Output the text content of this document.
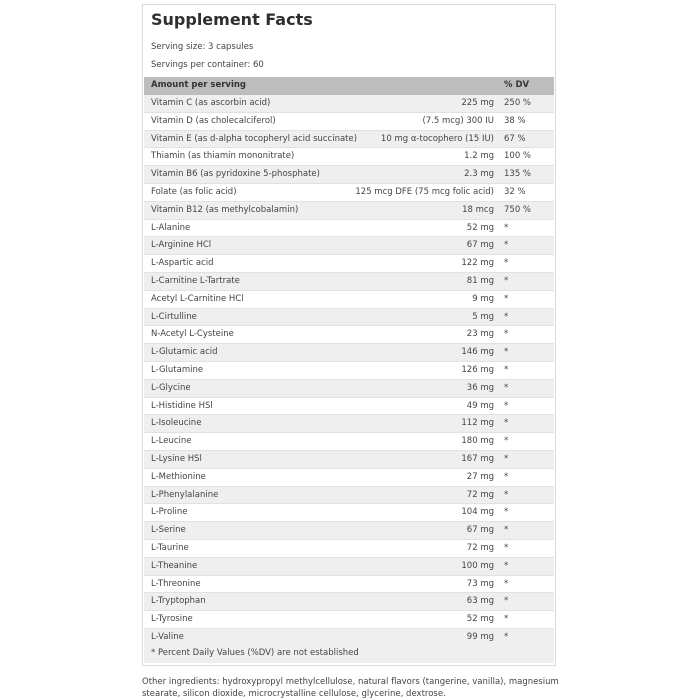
Supplement Facts
Serving size: 3 capsules
Servings per container: 60
Amount per serving	% DV
Vitamin C (as ascorbin acid)	225 mg 250 %
Vitamin D (as cholecalciferol)	(7.5 mcg) 300 IU 38 %
Vitamin E (as d-alpha tocopheryl acid succinate)	10 mg α-tocophero (15 IU) 67 %
Thiamin (as thiamin mononitrate)	1.2 mg 100 %
Vitamin B6 (as pyridoxine 5-phosphate)	2.3 mg 135 %
Folate (as folic acid)	125 mcg DFE (75 mcg folic acid) 32 %
Vitamin B12 (as methylcobalamin)	18 mcg 750 %
L-Alanine	52 mg *
L-Arginine HCl	67 mg *
L-Aspartic acid	122 mg *
L-Carnitine L-Tartrate	81 mg *
Acetyl L-Carnitine HCl	9 mg *
L-Cirtulline	5 mg *
N-Acetyl L-Cysteine	23 mg *
L-Glutamic acid	146 mg *
L-Glutamine	126 mg *
L-Glycine	36 mg *
L-Histidine HSl	49 mg *
L-Isoleucine	112 mg *
L-Leucine	180 mg *
L-Lysine HSl	167 mg *
L-Methionine	27 mg *
L-Phenylalanine	72 mg *
L-Proline	104 mg *
L-Serine	67 mg *
L-Taurine	72 mg *
L-Theanine	100 mg *
L-Threonine	73 mg *
L-Tryptophan	63 mg *
L-Tyrosine	52 mg *
L-Valine	99 mg *
* Percent Daily Values (%DV) are not established
Other ingredients: hydroxypropyl methylcellulose, natural flavors (tangerine, vanilla), magnesium stearate, silicon dioxide, microcrystalline cellulose, glycerine, dextrose.
